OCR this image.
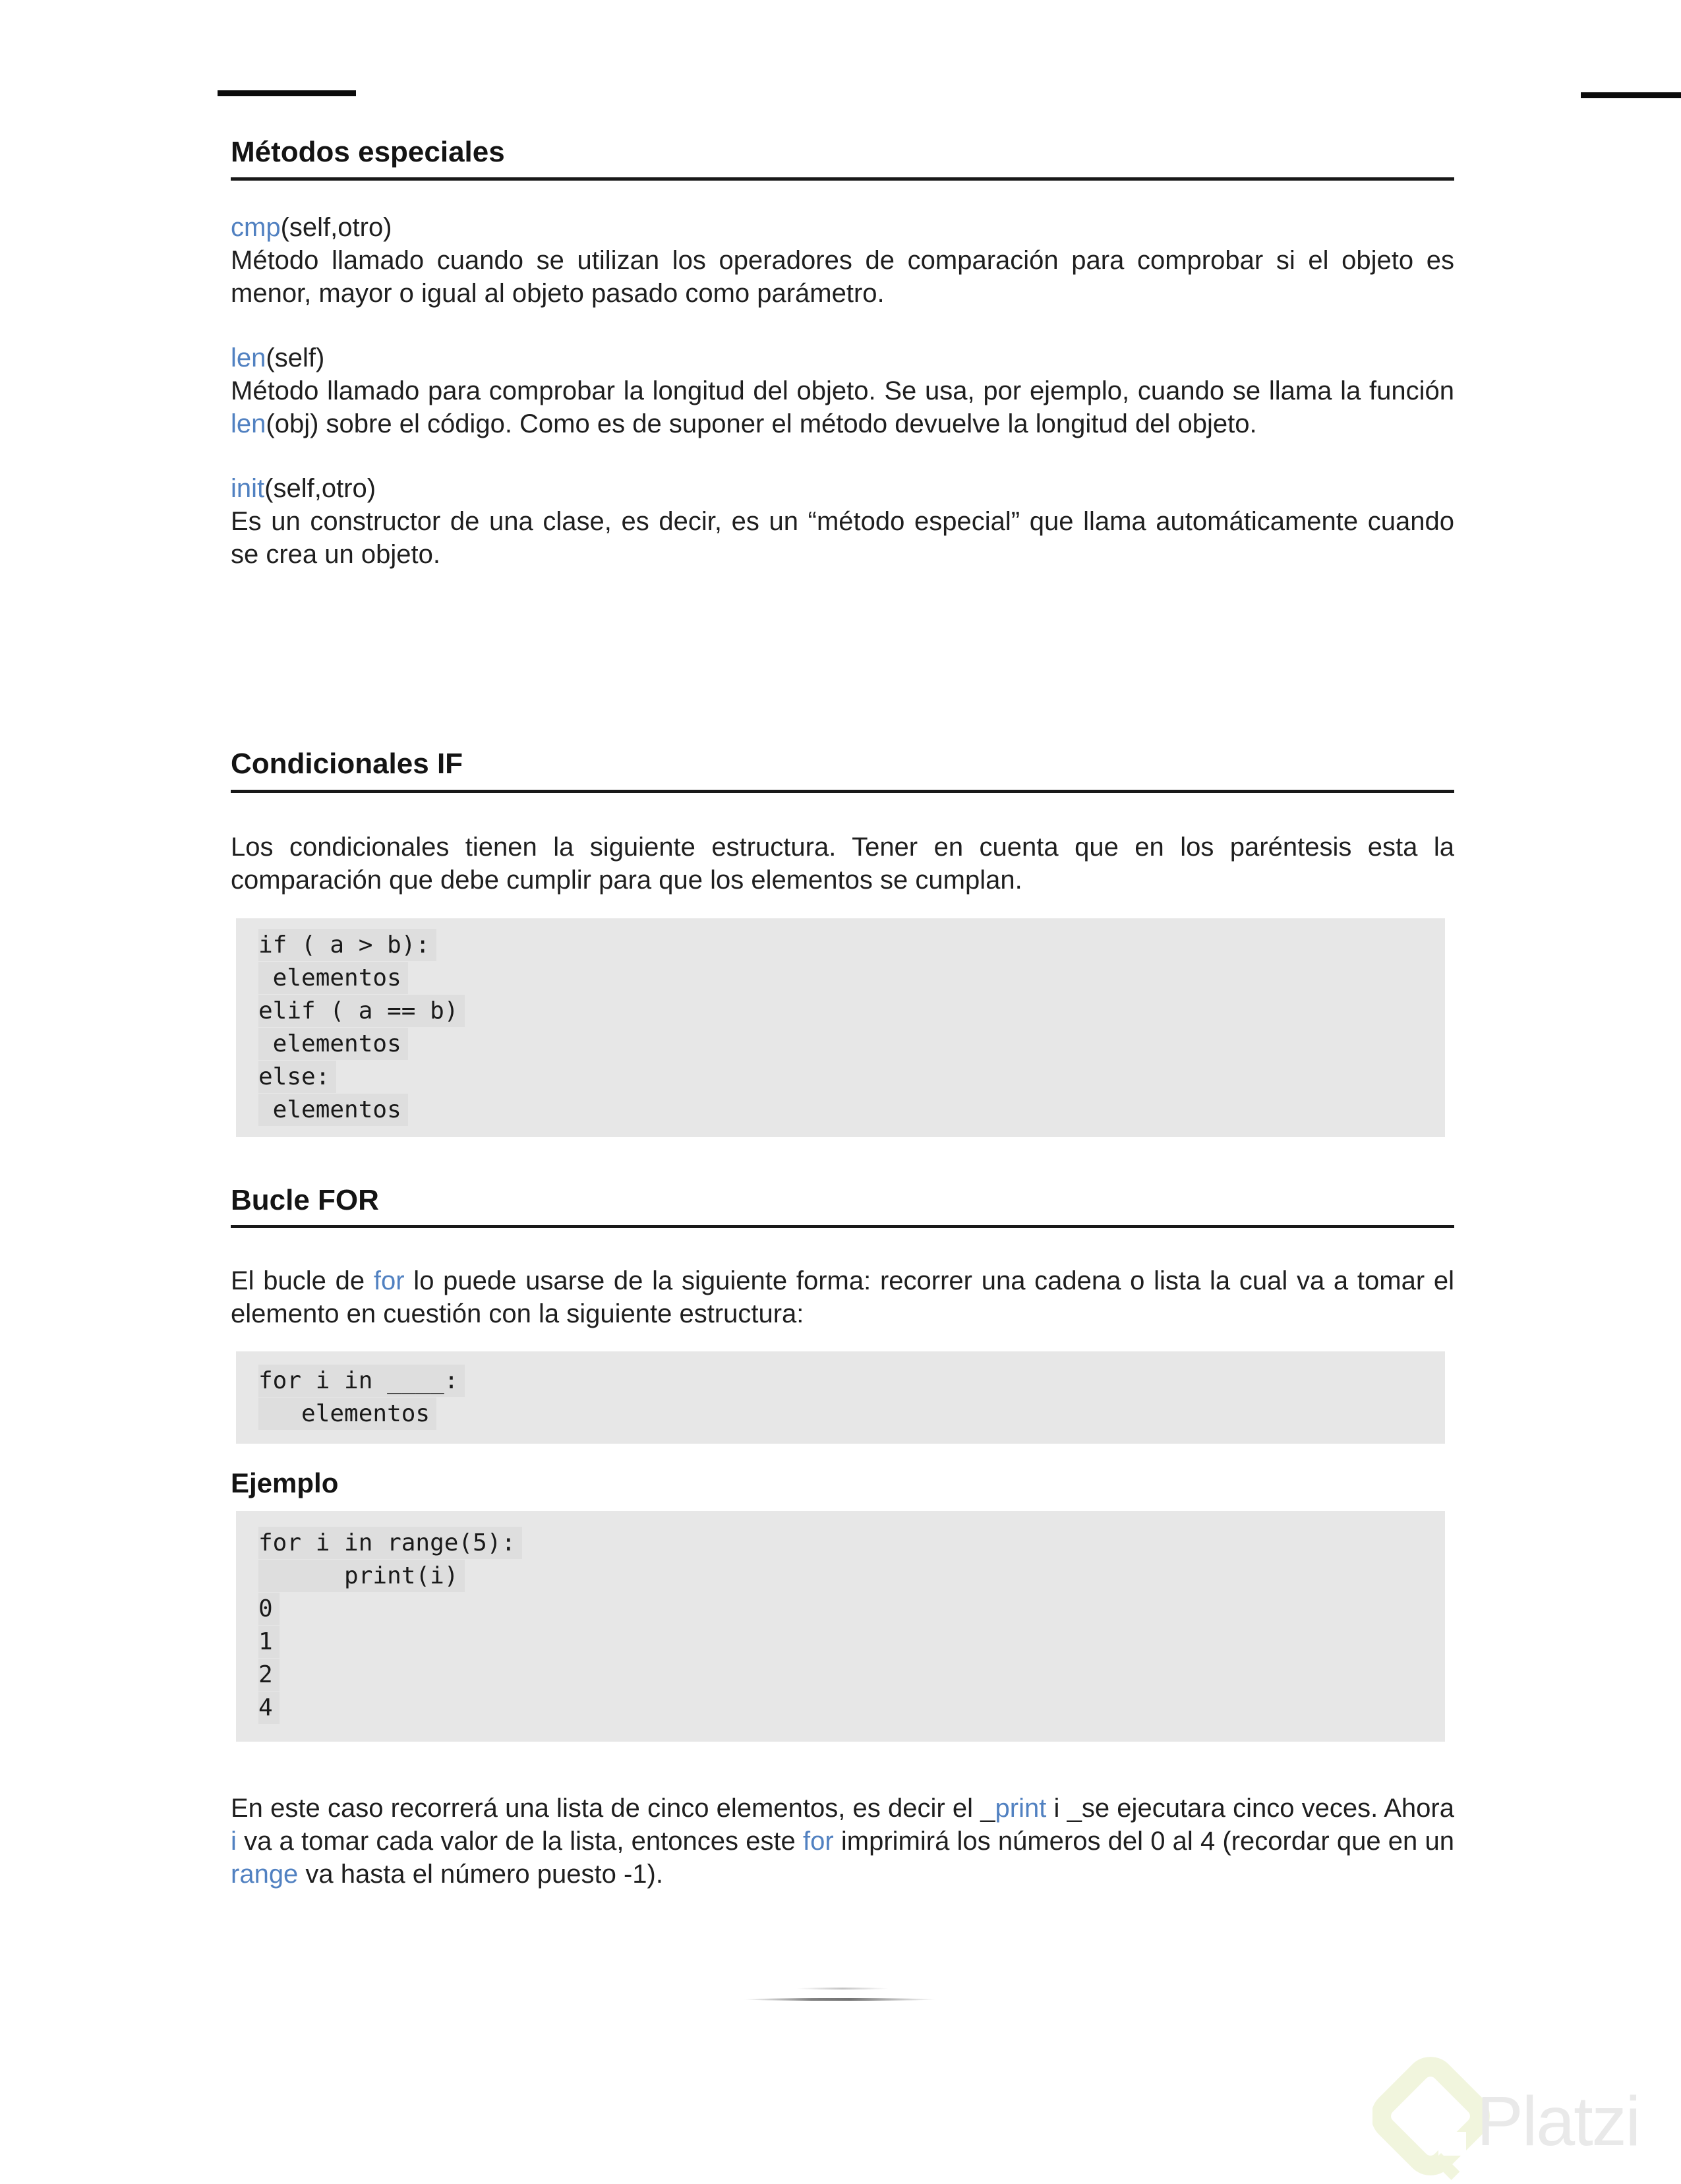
Métodos especiales

cmp(self,otro)

Método llamado cuando se utilizan los operadores de comparación para comprobar si el objeto es menor, mayor o igual al objeto pasado como parámetro.

len(self)

Método llamado para comprobar la longitud del objeto. Se usa, por ejemplo, cuando se llama la función len(obj) sobre el código. Como es de suponer el método devuelve la longitud del objeto.

init(self,otro)

Es un constructor de una clase, es decir, es un “método especial” que llama automáticamente cuando se crea un objeto.

Condicionales IF

Los condicionales tienen la siguiente estructura. Tener en cuenta que en los paréntesis esta la comparación que debe cumplir para que los elementos se cumplan.

if ( a > b):
elementos
elif ( a == b)
elementos
else:
elementos
Bucle FOR

El bucle de for lo puede usarse de la siguiente forma: recorrer una cadena o lista la cual va a tomar el elemento en cuestión con la siguiente estructura:

for i in ____:
elementos
Ejemplo
for i in range(5):
print(i)
0
1
2
4

En este caso recorrerá una lista de cinco elementos, es decir el _print i _se ejecutara cinco veces. Ahora i va a tomar cada valor de la lista, entonces este for imprimirá los números del 0 al 4 (recordar que en un range va hasta el número puesto -1).

Platzi
